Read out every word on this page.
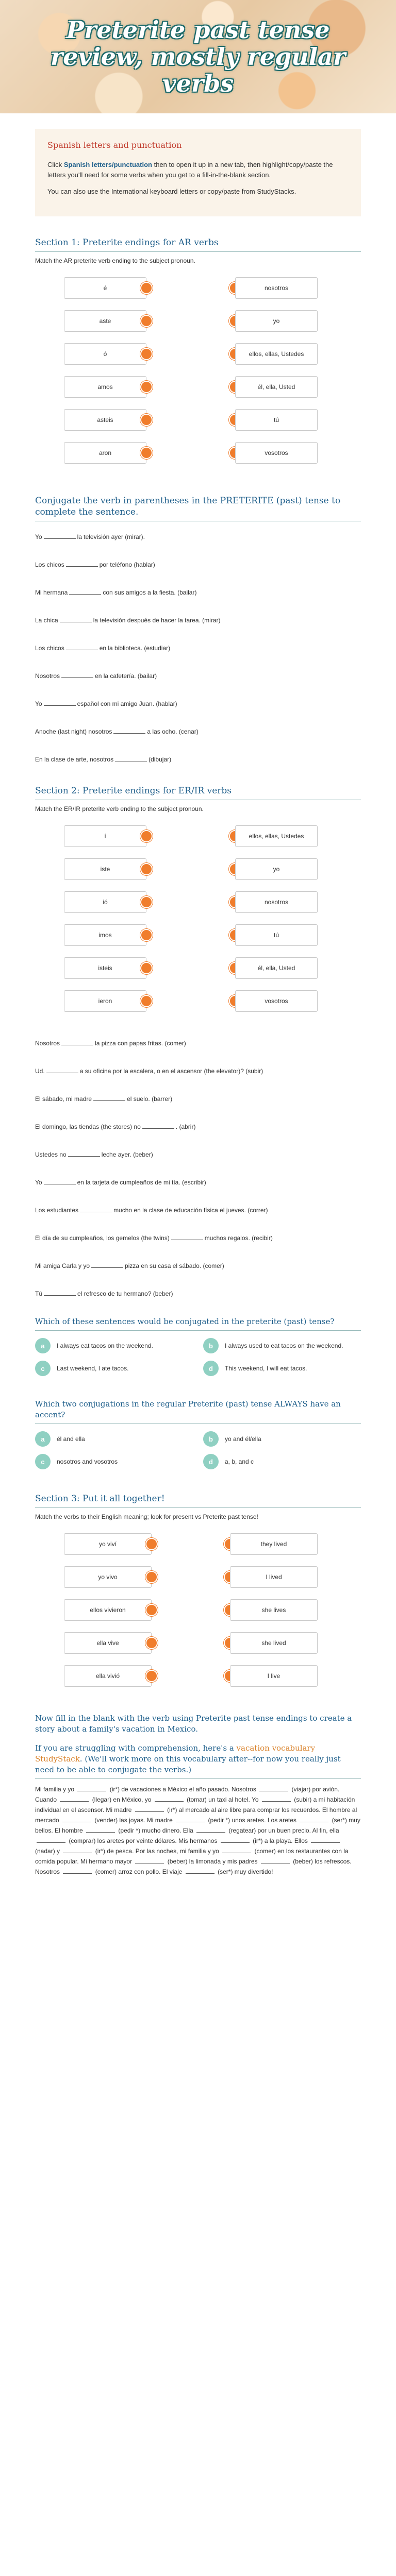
Preterite past tense review, mostly regular verbs
Spanish letters and punctuation

Click Spanish letters/punctuation then to open it up in a new tab, then highlight/copy/paste the letters you'll need for some verbs when you get to a fill-in-the-blank section.

You can also use the International keyboard letters or copy/paste from StudyStacks.

Section 1: Preterite endings for AR verbs
Match the AR preterite verb ending to the subject pronoun.
é	nosotros
aste	yo
ó	ellos, ellas, Ustedes
amos	él, ella, Usted
asteis	tú
aron	vosotros
Conjugate the verb in parentheses in the PRETERITE (past) tense to complete the sentence.

Yo	la televisión ayer (mirar).

Los chicos	por teléfono (hablar)

Mi hermana	con sus amigos a la fiesta. (bailar)

La chica	la televisión después de hacer la tarea. (mirar)

Los chicos	en la biblioteca. (estudiar)

Nosotros	en la cafetería. (bailar)

Yo	español con mi amigo Juan. (hablar)

Anoche (last night) nosotros	a las ocho. (cenar)

En la clase de arte, nosotros	(dibujar)

Section 2: Preterite endings for ER/IR verbs
Match the ER/IR preterite verb ending to the subject pronoun.
í	ellos, ellas, Ustedes
iste	yo
ió	nosotros
imos	tú
isteis	él, ella, Usted
ieron	vosotros

Nosotros	la pizza con papas fritas. (comer)

Ud.	a su oficina por la escalera, o en el ascensor (the elevator)? (subir)

El sábado, mi madre	el suelo. (barrer)

El domingo, las tiendas (the stores) no	. (abrir)

Ustedes no	leche ayer. (beber)

Yo	en la tarjeta de cumpleaños de mi tía. (escribir)

Los estudiantes	mucho en la clase de educación física el jueves. (correr)

El día de su cumpleaños, los gemelos (the twins)	muchos regalos. (recibir)

Mi amiga Carla y yo	pizza en su casa el sábado. (comer)

Tú	el refresco de tu hermano? (beber)

Which of these sentences would be conjugated in the preterite (past) tense?
a	I always eat tacos on the weekend.	b	I always used to eat tacos on the weekend.
c	Last weekend, I ate tacos.	d	This weekend, I will eat tacos.
Which two conjugations in the regular Preterite (past) tense ALWAYS have an accent?
a	él and ella	b	yo and él/ella
c	nosotros and vosotros	d	a, b, and c
Section 3: Put it all together!
Match the verbs to their English meaning; look for present vs Preterite past tense!
yo viví	they lived
yo vivo	I lived
ellos vivieron	she lives
ella vive	she lived
ella vivió	I live
Now fill in the blank with the verb using Preterite past tense endings to create a story about a family's vacation in Mexico.
If you are struggling with comprehension, here's a vacation vocabulary StudyStack. (We'll work more on this vocabulary after--for now you really just need to be able to conjugate the verbs.)
Mi familia y yo	(ir*) de vacaciones a México el año pasado. Nosotros	(viajar) por avión. Cuando	(llegar) en México, yo	(tomar) un taxi al hotel. Yo	(subir) a mi habitación individual en el ascensor. Mi madre	(ir*) al mercado al aire libre para comprar los recuerdos. El hombre al mercado	(vender) las joyas. Mi madre	(pedir *) unos aretes. Los aretes	(ser*) muy bellos. El hombre	(pedir *) mucho dinero. Ella	(regatear) por un buen precio. Al fin, ella  (comprar) los aretes por veinte dólares. Mis hermanos	(ir*) a la playa. Ellos  (nadar) y	(ir*) de pesca. Por las noches, mi familia y yo	(comer) en los restaurantes con la comida popular. Mi hermano mayor	(beber) la limonada y mis padres	(beber) los refrescos. Nosotros	(comer) arroz con pollo. El viaje	(ser*) muy divertido!
